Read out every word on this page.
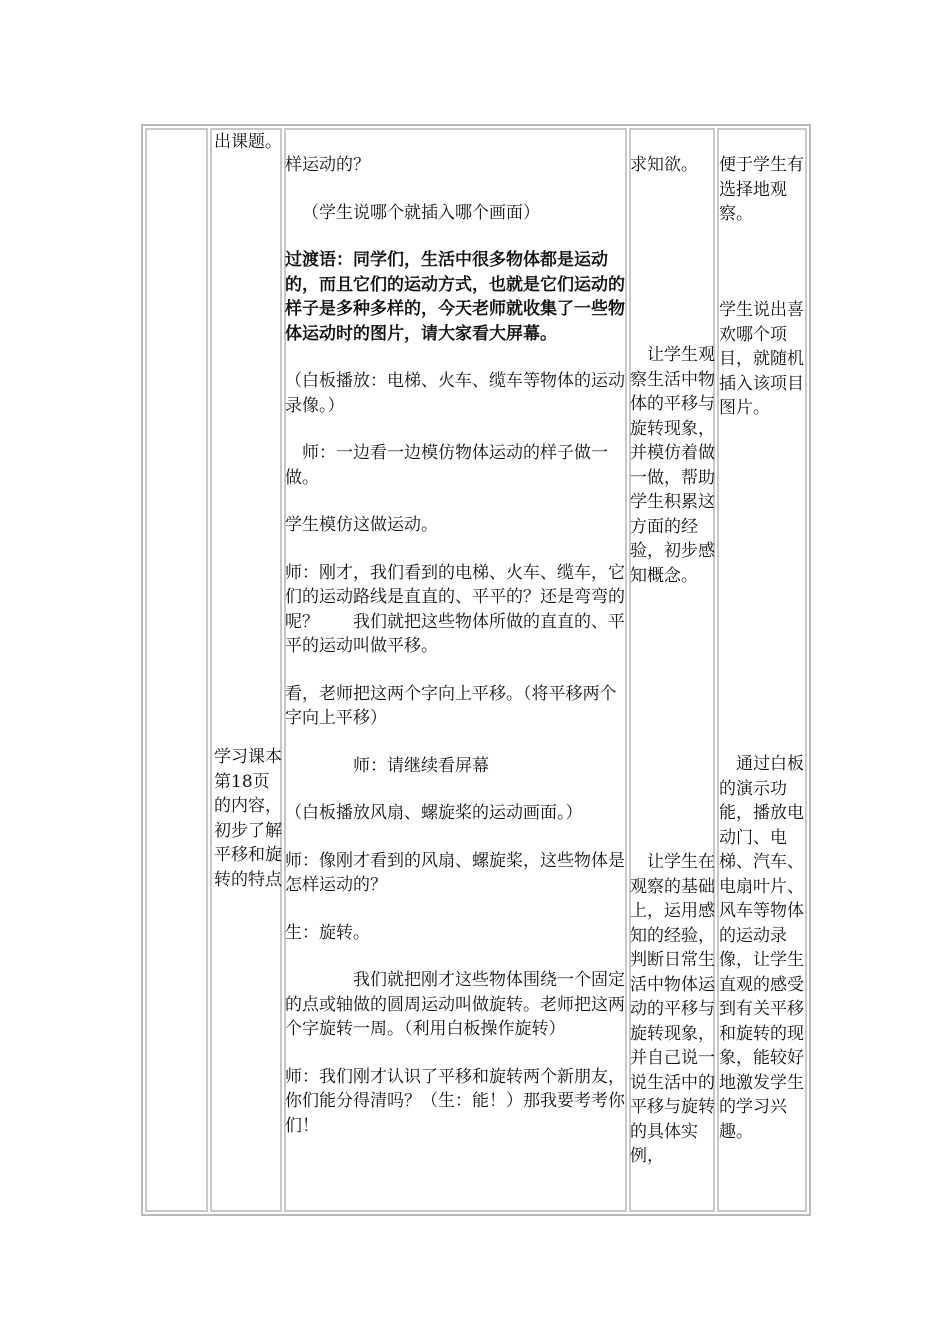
出课题。
学习课本第18页的内容，初步了解平移和旋转的特点

样运动的？

（学生说哪个就插入哪个画面）

过渡语：同学们，生活中很多物体都是运动的，而且它们的运动方式，也就是它们运动的样子是多种多样的，今天老师就收集了一些物体运动时的图片，请大家看大屏幕。

（白板播放：电梯、火车、缆车等物体的运动录像。）

师：一边看一边模仿物体运动的样子做一做。

学生模仿这做运动。

师：刚才，我们看到的电梯、火车、缆车，它们的运动路线是直直的、平平的？还是弯弯的呢？　　我们就把这些物体所做的直直的、平平的运动叫做平移。

看，老师把这两个字向上平移。（将平移两个字向上平移）

师：请继续看屏幕

（白板播放风扇、螺旋桨的运动画面。）

师：像刚才看到的风扇、螺旋桨，这些物体是怎样运动的？

生：旋转。

我们就把刚才这些物体围绕一个固定的点或轴做的圆周运动叫做旋转。老师把这两个字旋转一周。（利用白板操作旋转）

师：我们刚才认识了平移和旋转两个新朋友，你们能分得清吗？（生：能！）那我要考考你们！

求知欲。
让学生观察生活中物体的平移与旋转现象，并模仿着做一做，帮助学生积累这方面的经验，初步感知概念。
让学生在观察的基础上，运用感知的经验，判断日常生活中物体运动的平移与旋转现象，并自己说一说生活中的平移与旋转的具体实例，
便于学生有选择地观察。
学生说出喜欢哪个项目，就随机插入该项目图片。
通过白板的演示功能，播放电动门、电梯、汽车、电扇叶片、风车等物体的运动录像，让学生直观的感受到有关平移和旋转的现象，能较好地激发学生的学习兴趣。
